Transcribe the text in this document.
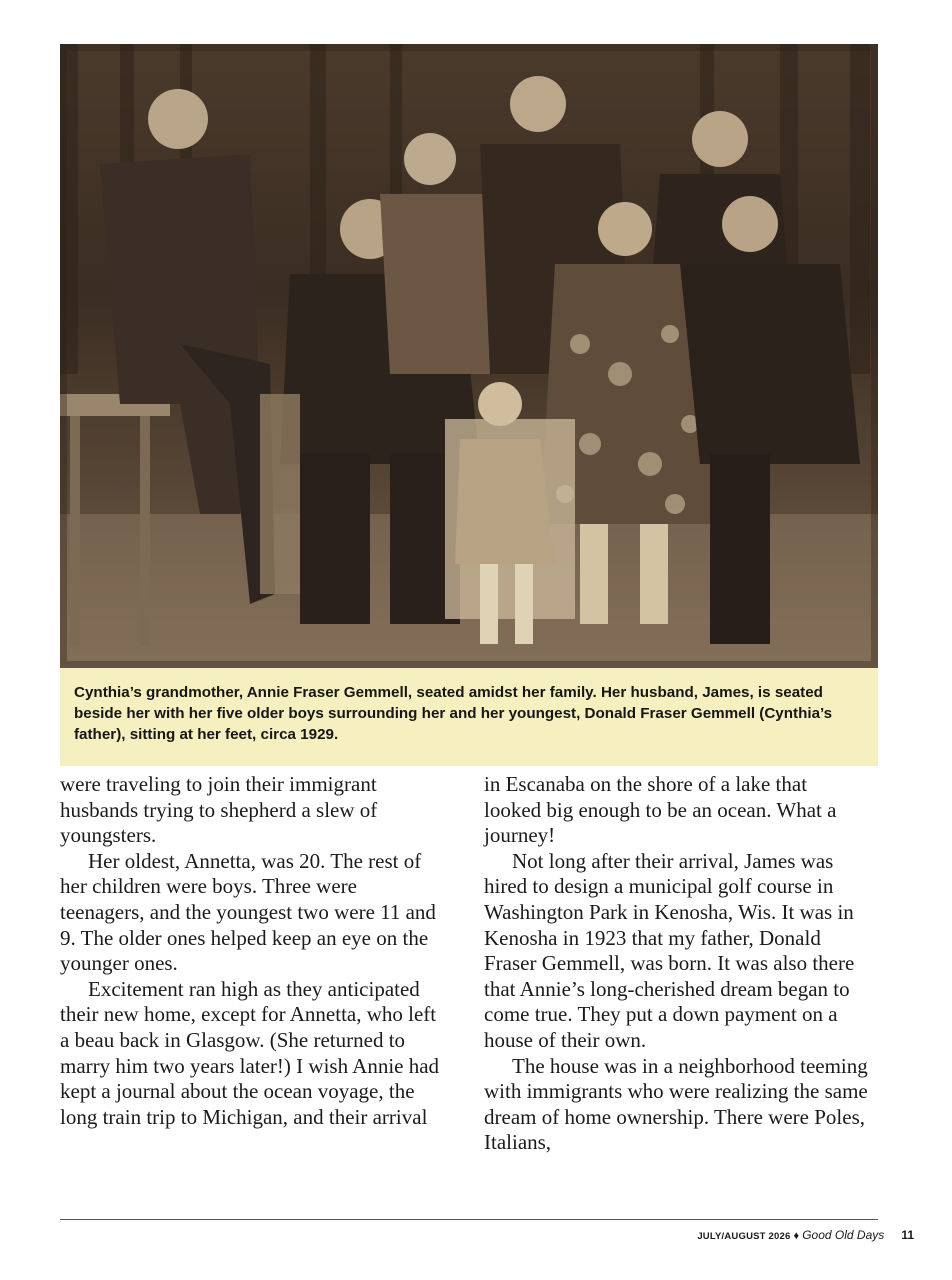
Cynthia’s grandmother, Annie Fraser Gemmell, seated amidst her family. Her husband, James, is seated beside her with her five older boys surrounding her and her youngest, Donald Fraser Gemmell (Cynthia’s father), sitting at her feet, circa 1929.

were traveling to join their immigrant husbands trying to shepherd a slew of youngsters.

Her oldest, Annetta, was 20. The rest of her children were boys. Three were teenagers, and the youngest two were 11 and 9. The older ones helped keep an eye on the younger ones.

Excitement ran high as they anticipated their new home, except for Annetta, who left a beau back in Glasgow. (She returned to marry him two years later!) I wish Annie had kept a journal about the ocean voyage, the long train trip to Michigan, and their arrival

in Escanaba on the shore of a lake that looked big enough to be an ocean. What a journey!

Not long after their arrival, James was hired to design a municipal golf course in Washington Park in Kenosha, Wis. It was in Kenosha in 1923 that my father, Donald Fraser Gemmell, was born. It was also there that Annie’s long-cherished dream began to come true. They put a down payment on a house of their own.

The house was in a neighborhood teeming with immigrants who were realizing the same dream of home ownership. There were Poles, Italians,

JULY/AUGUST 2026 ♦ Good Old Days 11
